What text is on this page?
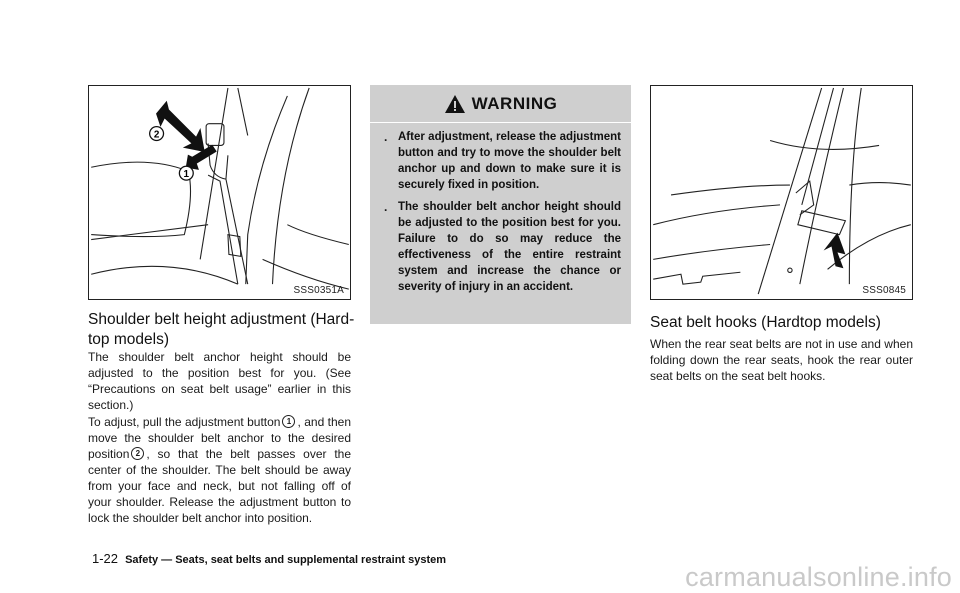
2
1
SSS0351A
Shoulder belt height adjustment (Hard-top models)

The shoulder belt anchor height should be adjusted to the position best for you. (See “Precautions on seat belt usage” earlier in this section.)

To adjust, pull the adjustment button 1 , and then move the shoulder belt anchor to the desired position 2 , so that the belt passes over the center of the shoulder. The belt should be away from your face and neck, but not falling off of your shoulder. Release the adjustment button to lock the shoulder belt anchor into position.

WARNING
. After adjustment, release the adjustment button and try to move the shoulder belt anchor up and down to make sure it is securely fixed in position.
. The shoulder belt anchor height should be adjusted to the position best for you. Failure to do so may reduce the effectiveness of the entire restraint system and increase the chance or severity of injury in an accident.	SSS0845
Seat belt hooks (Hardtop models)

When the rear seat belts are not in use and when folding down the rear seats, hook the rear outer seat belts on the seat belt hooks.

1-22 Safety — Seats, seat belts and supplemental restraint system
carmanualsonline.info
